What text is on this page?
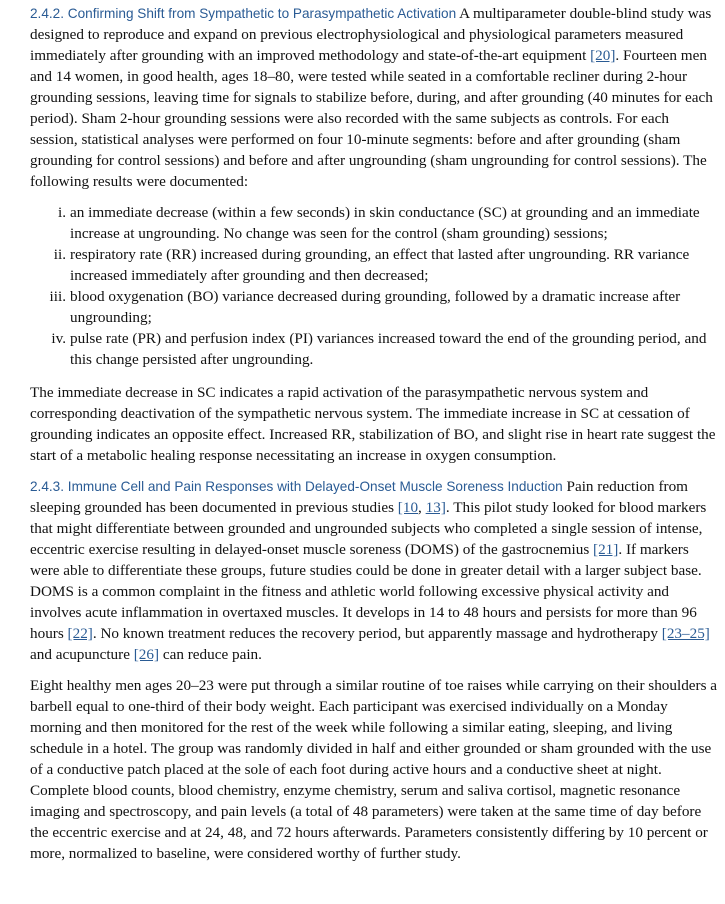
2.4.2. Confirming Shift from Sympathetic to Parasympathetic Activation A multiparameter double-blind study was designed to reproduce and expand on previous electrophysiological and physiological parameters measured immediately after grounding with an improved methodology and state-of-the-art equipment [20]. Fourteen men and 14 women, in good health, ages 18–80, were tested while seated in a comfortable recliner during 2-hour grounding sessions, leaving time for signals to stabilize before, during, and after grounding (40 minutes for each period). Sham 2-hour grounding sessions were also recorded with the same subjects as controls. For each session, statistical analyses were performed on four 10-minute segments: before and after grounding (sham grounding for control sessions) and before and after ungrounding (sham ungrounding for control sessions). The following results were documented:

i. an immediate decrease (within a few seconds) in skin conductance (SC) at grounding and an immediate increase at ungrounding. No change was seen for the control (sham grounding) sessions;
ii. respiratory rate (RR) increased during grounding, an effect that lasted after ungrounding. RR variance increased immediately after grounding and then decreased;
iii. blood oxygenation (BO) variance decreased during grounding, followed by a dramatic increase after ungrounding;
iv. pulse rate (PR) and perfusion index (PI) variances increased toward the end of the grounding period, and this change persisted after ungrounding.

The immediate decrease in SC indicates a rapid activation of the parasympathetic nervous system and corresponding deactivation of the sympathetic nervous system. The immediate increase in SC at cessation of grounding indicates an opposite effect. Increased RR, stabilization of BO, and slight rise in heart rate suggest the start of a metabolic healing response necessitating an increase in oxygen consumption.

2.4.3. Immune Cell and Pain Responses with Delayed-Onset Muscle Soreness Induction Pain reduction from sleeping grounded has been documented in previous studies [10, 13]. This pilot study looked for blood markers that might differentiate between grounded and ungrounded subjects who completed a single session of intense, eccentric exercise resulting in delayed-onset muscle soreness (DOMS) of the gastrocnemius [21]. If markers were able to differentiate these groups, future studies could be done in greater detail with a larger subject base. DOMS is a common complaint in the fitness and athletic world following excessive physical activity and involves acute inflammation in overtaxed muscles. It develops in 14 to 48 hours and persists for more than 96 hours [22]. No known treatment reduces the recovery period, but apparently massage and hydrotherapy [23–25] and acupuncture [26] can reduce pain.

Eight healthy men ages 20–23 were put through a similar routine of toe raises while carrying on their shoulders a barbell equal to one-third of their body weight. Each participant was exercised individually on a Monday morning and then monitored for the rest of the week while following a similar eating, sleeping, and living schedule in a hotel. The group was randomly divided in half and either grounded or sham grounded with the use of a conductive patch placed at the sole of each foot during active hours and a conductive sheet at night. Complete blood counts, blood chemistry, enzyme chemistry, serum and saliva cortisol, magnetic resonance imaging and spectroscopy, and pain levels (a total of 48 parameters) were taken at the same time of day before the eccentric exercise and at 24, 48, and 72 hours afterwards. Parameters consistently differing by 10 percent or more, normalized to baseline, were considered worthy of further study.
